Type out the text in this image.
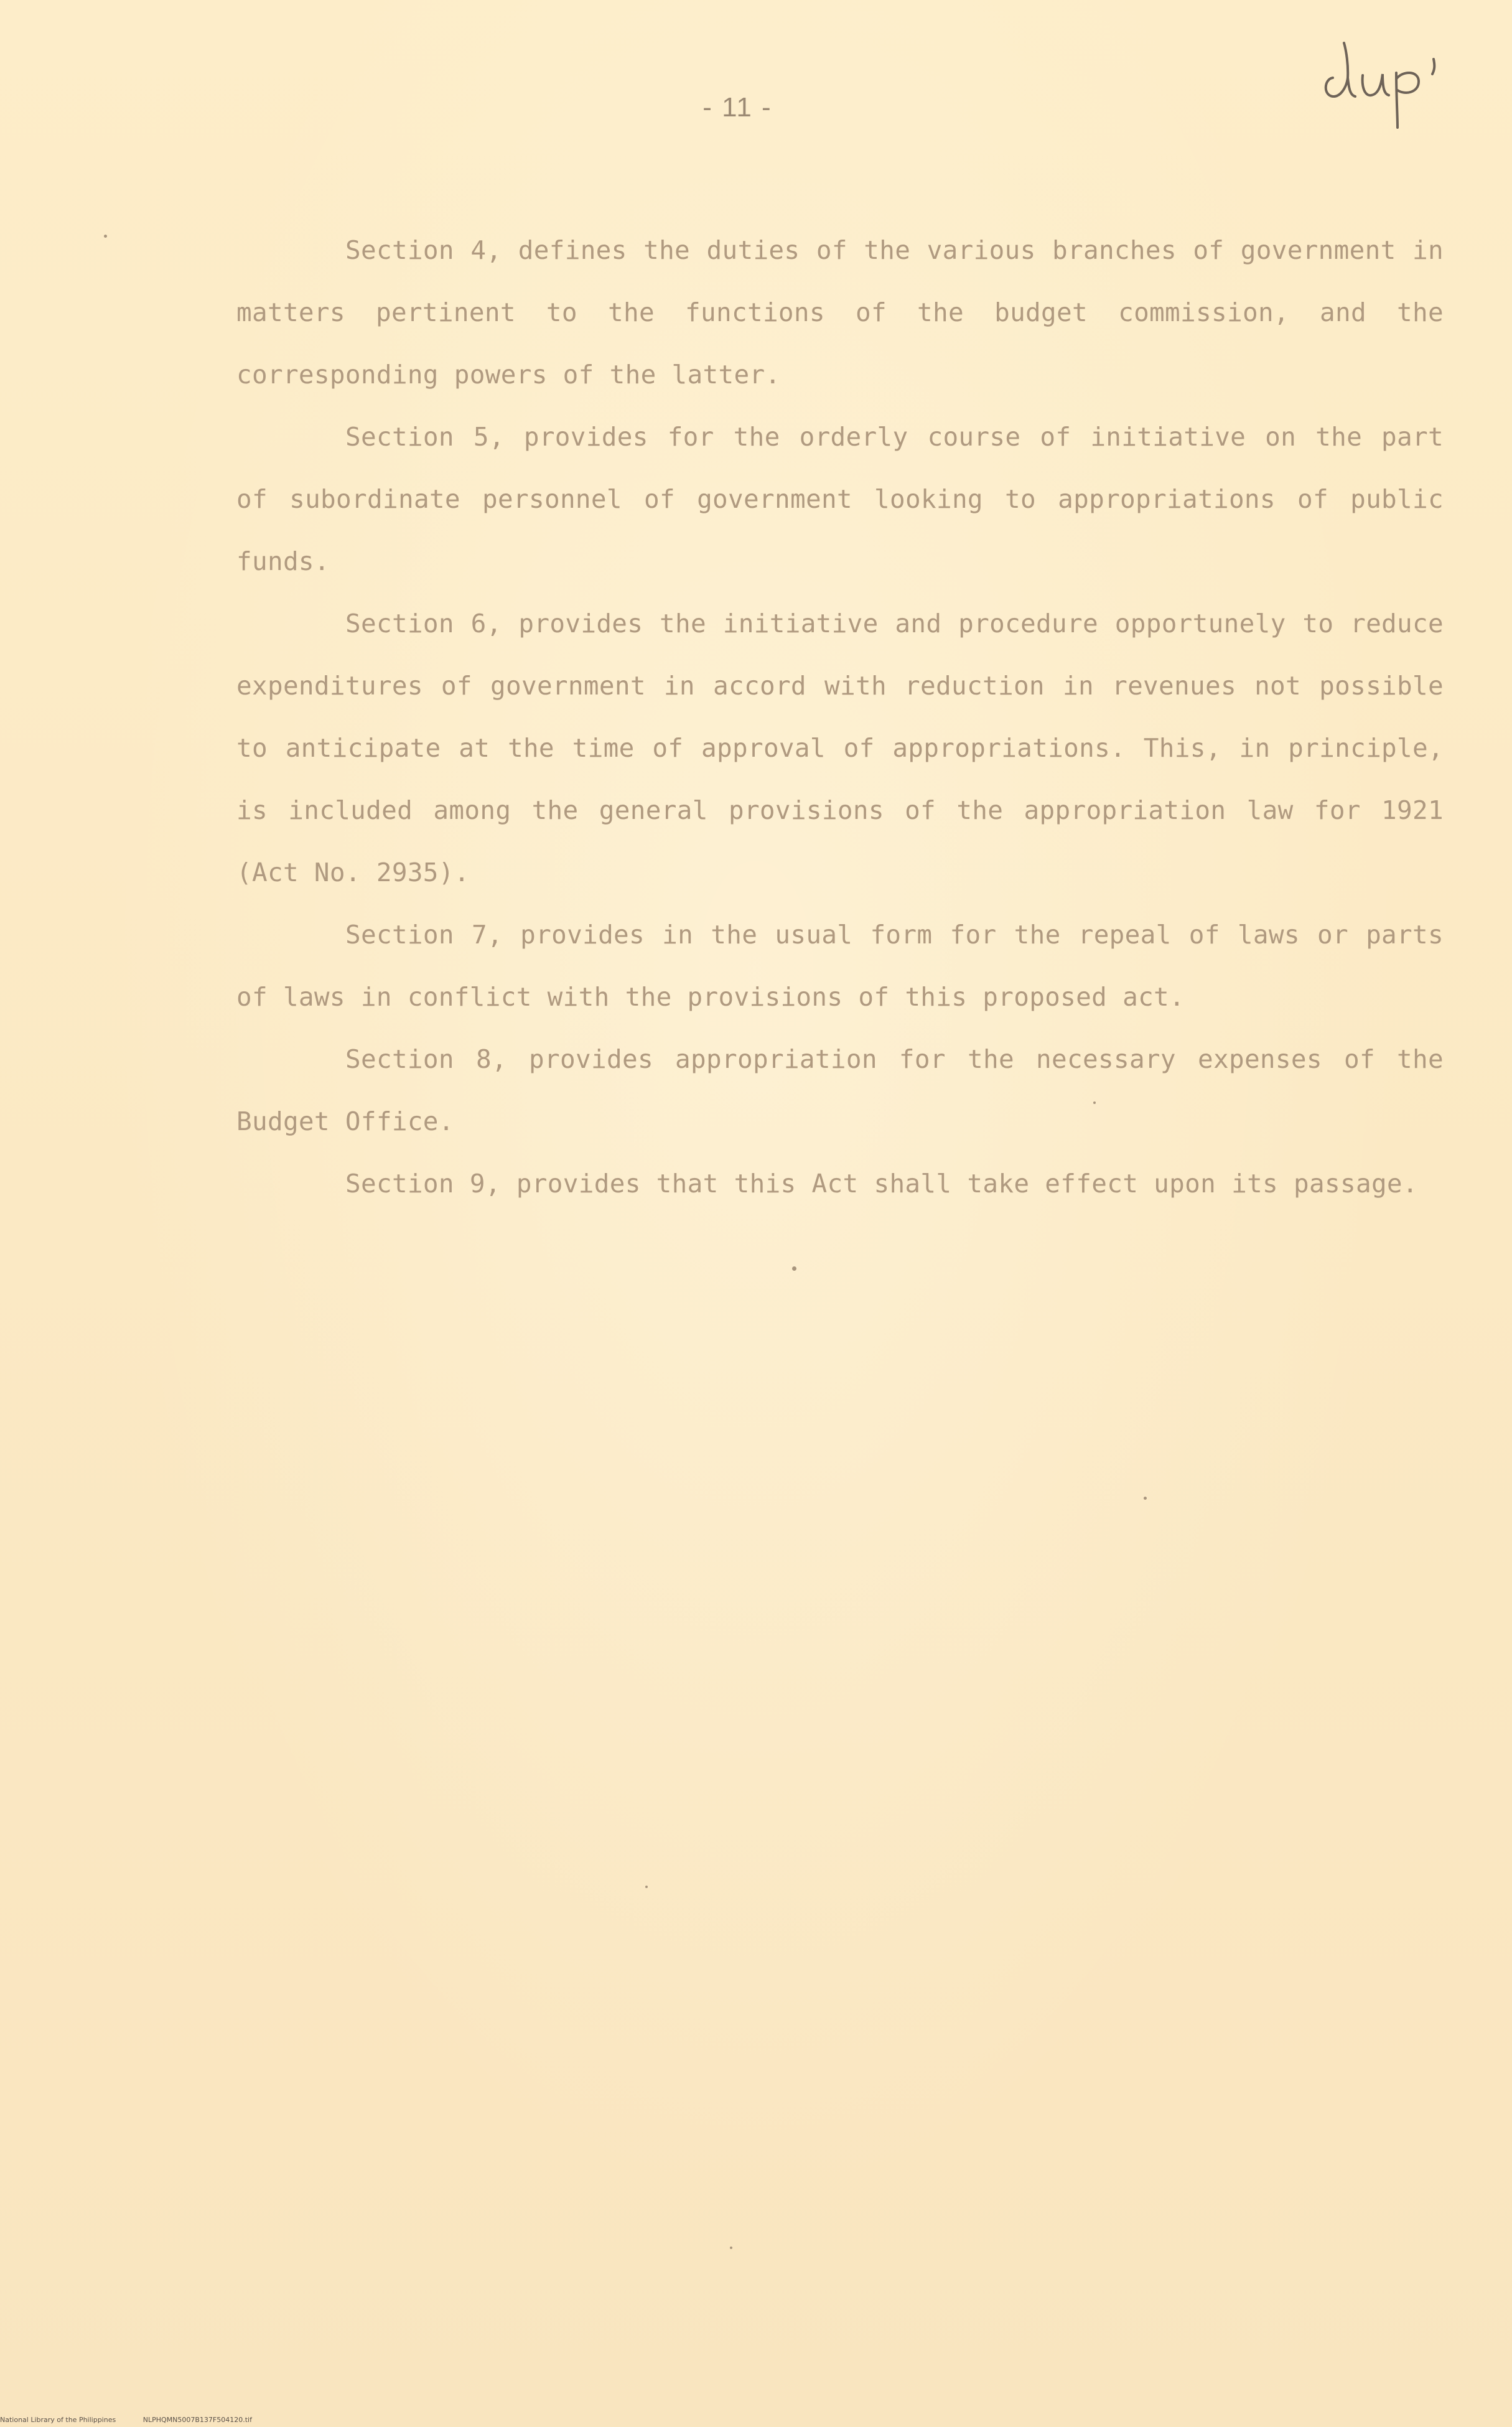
- 11 -

Section 4, defines the duties of the various branches of government in matters pertinent to the functions of the budget commission, and the corresponding powers of the latter.

Section 5, provides for the orderly course of initiative on the part of subordinate personnel of government looking to appropriations of public funds.

Section 6, provides the initiative and procedure opportunely to reduce expenditures of government in accord with reduction in revenues not possible to anticipate at the time of approval of appropriations. This, in principle, is included among the general provisions of the appropriation law for 1921 (Act No. 2935).

Section 7, provides in the usual form for the repeal of laws or parts of laws in conflict with the provisions of this proposed act.

Section 8, provides appropriation for the necessary expenses of the Budget Office.

Section 9, provides that this Act shall take effect upon its passage.

National Library of the Philippines	NLPHQMN5007B137F504120.tif
